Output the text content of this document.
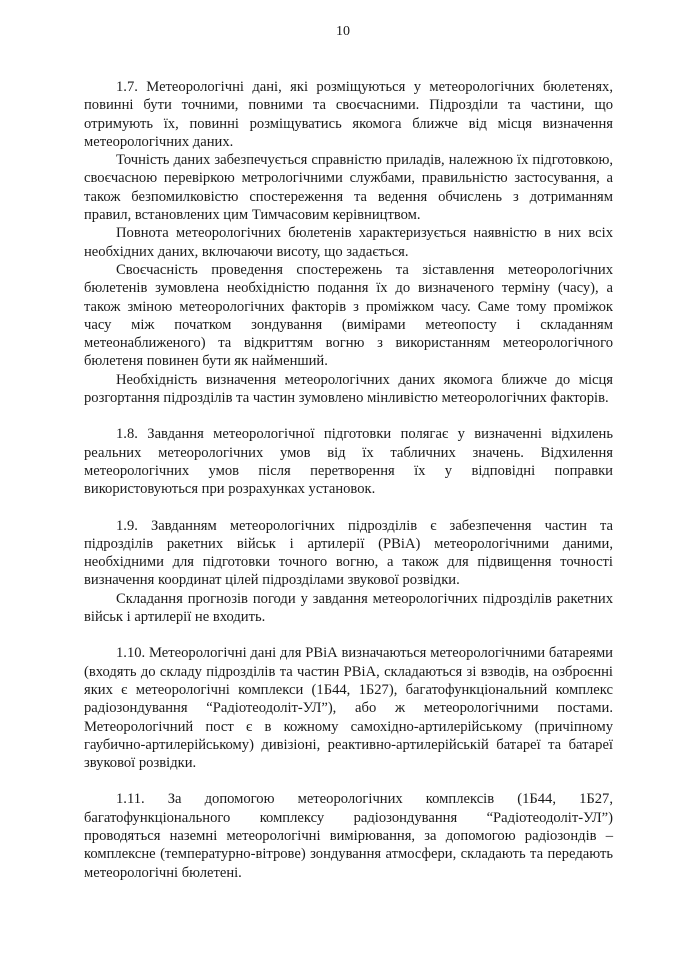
10

1.7. Метеорологічні дані, які розміщуються у метеорологічних бюлетенях, повинні бути точними, повними та своєчасними. Підрозділи та частини, що отримують їх, повинні розміщуватись якомога ближче від місця визначення метеорологічних даних.

Точність даних забезпечується справністю приладів, належною їх підготовкою, своєчасною перевіркою метрологічними службами, правильністю застосування, а також безпомилковістю спостереження та ведення обчислень з дотриманням правил, встановлених цим Тимчасовим керівництвом.

Повнота метеорологічних бюлетенів характеризується наявністю в них всіх необхідних даних, включаючи висоту, що задається.

Своєчасність проведення спостережень та зіставлення метеорологічних бюлетенів зумовлена необхідністю подання їх до визначеного терміну (часу), а також зміною метеорологічних факторів з проміжком часу. Саме тому проміжок часу між початком зондування (вимірами метеопосту і складанням метеонаближеного) та відкриттям вогню з використанням метеорологічного бюлетеня повинен бути як найменший.

Необхідність визначення метеорологічних даних якомога ближче до місця розгортання підрозділів та частин зумовлено мінливістю метеорологічних факторів.

1.8. Завдання метеорологічної підготовки полягає у визначенні відхилень реальних метеорологічних умов від їх табличних значень. Відхилення метеорологічних умов після перетворення їх у відповідні поправки використовуються при розрахунках установок.

1.9. Завданням метеорологічних підрозділів є забезпечення частин та підрозділів ракетних військ і артилерії (РВіА) метеорологічними даними, необхідними для підготовки точного вогню, а також для підвищення точності визначення координат цілей підрозділами звукової розвідки.

Складання прогнозів погоди у завдання метеорологічних підрозділів ракетних військ і артилерії не входить.

1.10. Метеорологічні дані для РВіА визначаються метеорологічними батареями (входять до складу підрозділів та частин РВіА, складаються зі взводів, на озброєнні яких є метеорологічні комплекси (1Б44, 1Б27), багатофункціональний комплекс радіозондування “Радіотеодоліт-УЛ”), або ж метеорологічними постами. Метеорологічний пост є в кожному самохідно-артилерійському (причіпному гаубично-артилерійському) дивізіоні, реактивно-артилерійській батареї та батареї звукової розвідки.

1.11. За допомогою метеорологічних комплексів (1Б44, 1Б27, багатофункціонального комплексу радіозондування “Радіотеодоліт-УЛ”) проводяться наземні метеорологічні вимірювання, за допомогою радіозондів – комплексне (температурно-вітрове) зондування атмосфери, складають та передають метеорологічні бюлетені.
